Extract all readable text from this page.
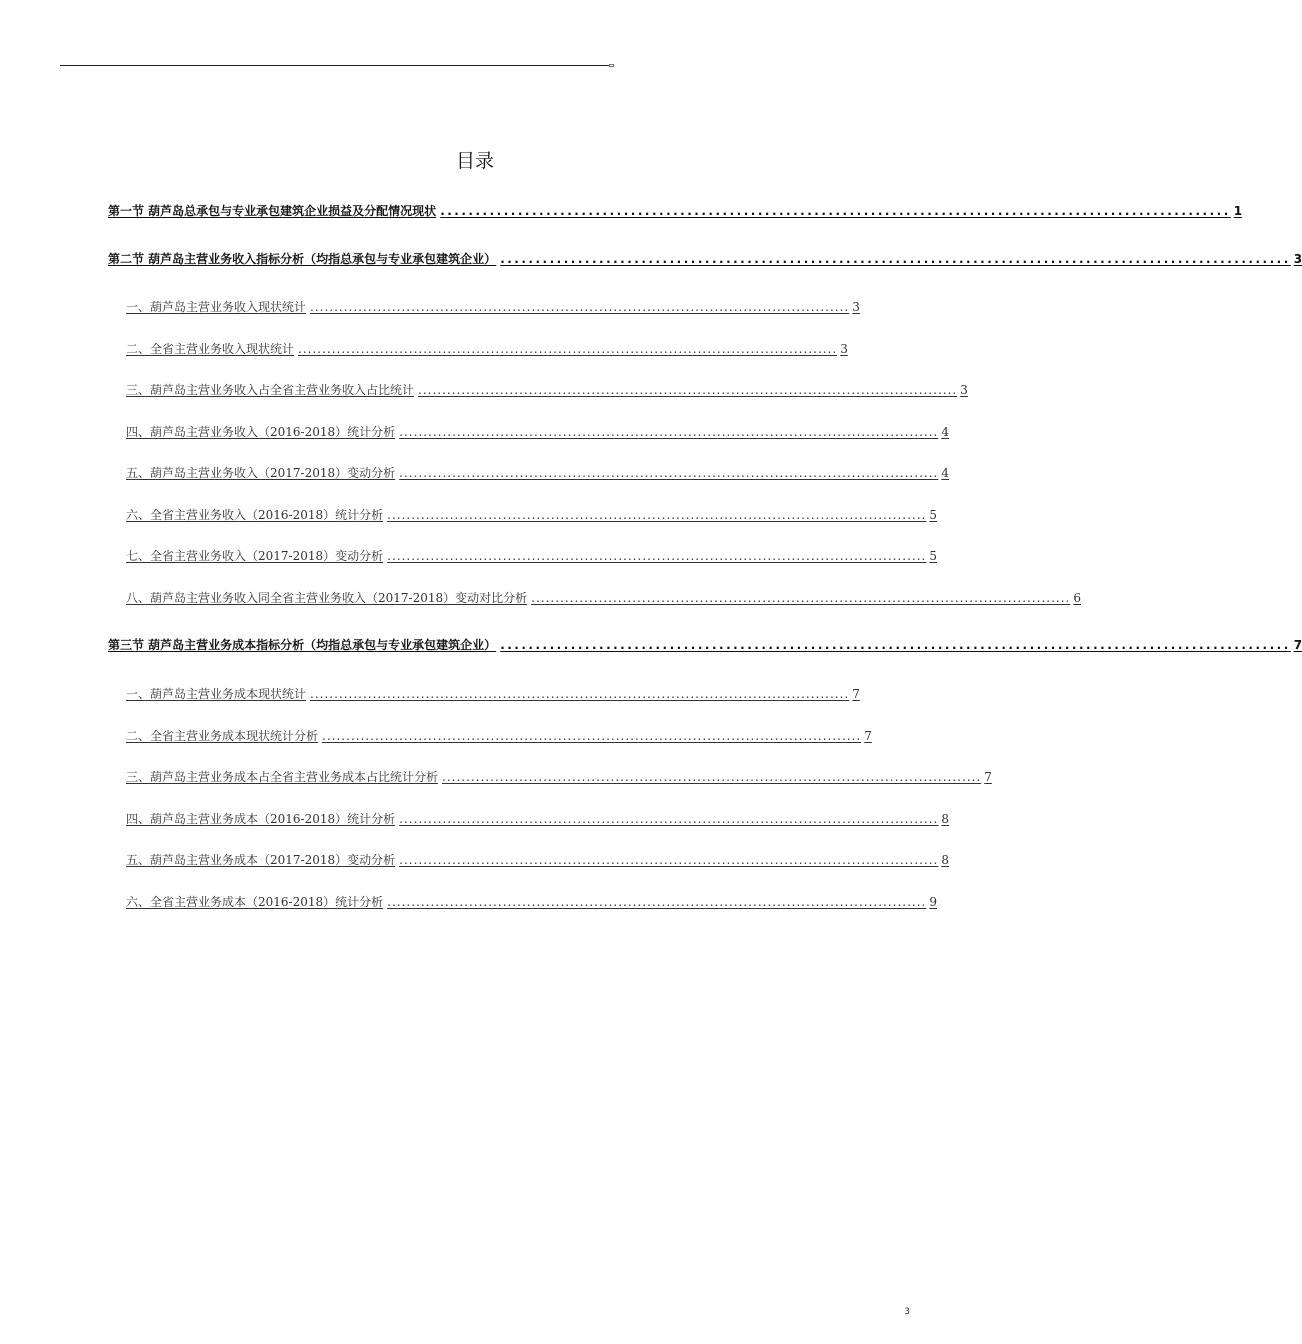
目录
第一节 葫芦岛总承包与专业承包建筑企业损益及分配情况现状 ................................................................................................................ 1
第二节 葫芦岛主营业务收入指标分析（均指总承包与专业承包建筑企业） ................................................................................................................ 3
一、葫芦岛主营业务收入现状统计 ................................................................................................................ 3
二、全省主营业务收入现状统计 ................................................................................................................ 3
三、葫芦岛主营业务收入占全省主营业务收入占比统计 ................................................................................................................ 3
四、葫芦岛主营业务收入（2016-2018）统计分析 ................................................................................................................ 4
五、葫芦岛主营业务收入（2017-2018）变动分析 ................................................................................................................ 4
六、全省主营业务收入（2016-2018）统计分析 ................................................................................................................ 5
七、全省主营业务收入（2017-2018）变动分析 ................................................................................................................ 5
八、葫芦岛主营业务收入同全省主营业务收入（2017-2018）变动对比分析 ................................................................................................................ 6
第三节 葫芦岛主营业务成本指标分析（均指总承包与专业承包建筑企业） ................................................................................................................ 7
一、葫芦岛主营业务成本现状统计 ................................................................................................................ 7
二、全省主营业务成本现状统计分析 ................................................................................................................ 7
三、葫芦岛主营业务成本占全省主营业务成本占比统计分析 ................................................................................................................ 7
四、葫芦岛主营业务成本（2016-2018）统计分析 ................................................................................................................ 8
五、葫芦岛主营业务成本（2017-2018）变动分析 ................................................................................................................ 8
六、全省主营业务成本（2016-2018）统计分析 ................................................................................................................ 9
3
